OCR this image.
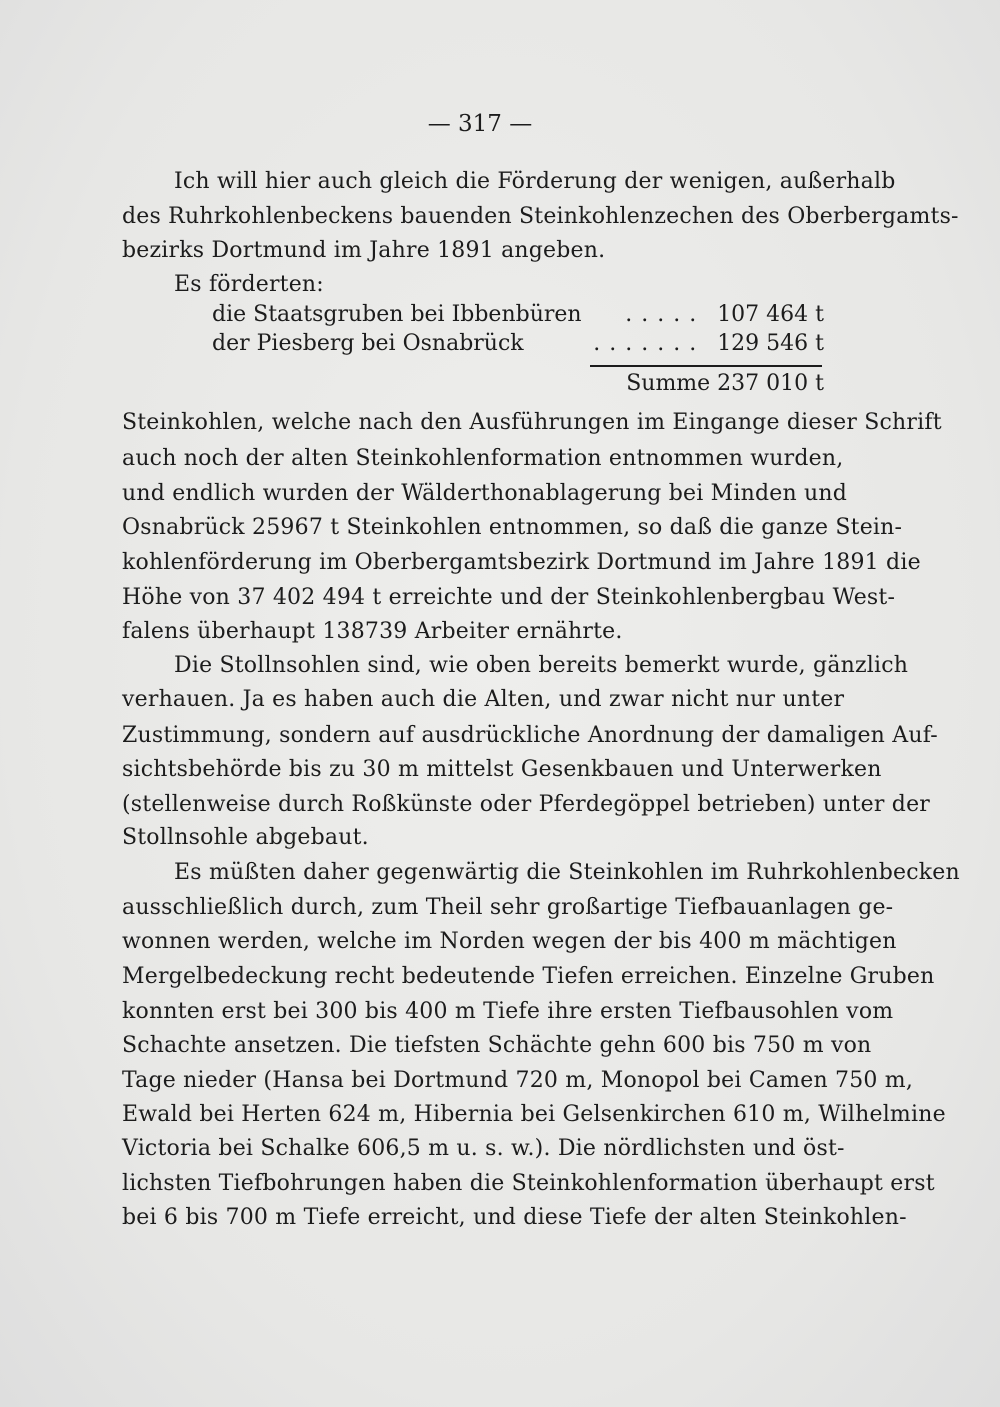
— 317 —
Ich will hier auch gleich die Förderung der wenigen, außerhalb
des Ruhrkohlenbeckens bauenden Steinkohlenzechen des Oberbergamts-
bezirks Dortmund im Jahre 1891 angeben.
Es förderten:
die Staatsgruben bei Ibbenbüren	..... 107 464 t
der Piesberg bei Osnabrück	....... 129 546 t
Summe 237 010 t
Steinkohlen, welche nach den Ausführungen im Eingange dieser Schrift
auch noch der alten Steinkohlenformation entnommen wurden,
und endlich wurden der Wälderthonablagerung bei Minden und
Osnabrück 25967 t Steinkohlen entnommen, so daß die ganze Stein-
kohlenförderung im Oberbergamtsbezirk Dortmund im Jahre 1891 die
Höhe von 37 402 494 t erreichte und der Steinkohlenbergbau West-
falens überhaupt 138739 Arbeiter ernährte.
Die Stollnsohlen sind, wie oben bereits bemerkt wurde, gänzlich
verhauen. Ja es haben auch die Alten, und zwar nicht nur unter
Zustimmung, sondern auf ausdrückliche Anordnung der damaligen Auf-
sichtsbehörde bis zu 30 m mittelst Gesenkbauen und Unterwerken
(stellenweise durch Roßkünste oder Pferdegöppel betrieben) unter der
Stollnsohle abgebaut.
Es müßten daher gegenwärtig die Steinkohlen im Ruhrkohlenbecken
ausschließlich durch, zum Theil sehr großartige Tiefbauanlagen ge-
wonnen werden, welche im Norden wegen der bis 400 m mächtigen
Mergelbedeckung recht bedeutende Tiefen erreichen. Einzelne Gruben
konnten erst bei 300 bis 400 m Tiefe ihre ersten Tiefbausohlen vom
Schachte ansetzen. Die tiefsten Schächte gehn 600 bis 750 m von
Tage nieder (Hansa bei Dortmund 720 m, Monopol bei Camen 750 m,
Ewald bei Herten 624 m, Hibernia bei Gelsenkirchen 610 m, Wilhelmine
Victoria bei Schalke 606,5 m u. s. w.). Die nördlichsten und öst-
lichsten Tiefbohrungen haben die Steinkohlenformation überhaupt erst
bei 6 bis 700 m Tiefe erreicht, und diese Tiefe der alten Steinkohlen-
